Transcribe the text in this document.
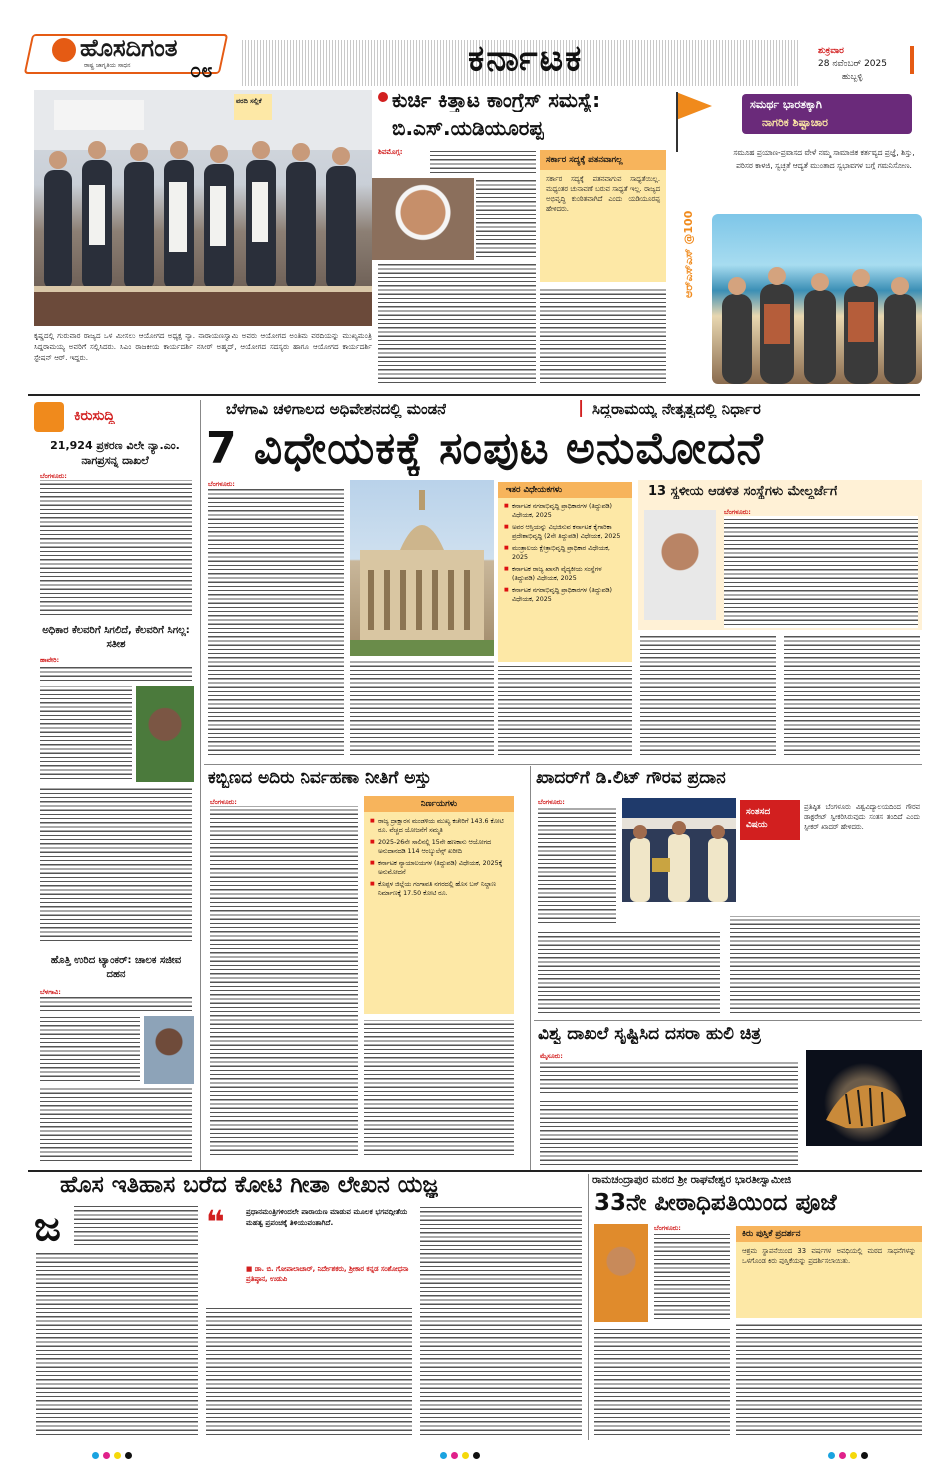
ಹೊಸದಿಗಂತ
ರಾಷ್ಟ್ರ ಜಾಗೃತಿಯ ಸಾಧನ	೦೮	ಕರ್ನಾಟಕ	ಶುಕ್ರವಾರ
28 ನವೆಂಬರ್ 2025
ಹುಬ್ಬಳ್ಳಿ
ವರದಿ ಸಲ್ಲಿಕೆ
ಕೃಷ್ಣದಲ್ಲಿ ಗುರುವಾರ ರಾಜ್ಯದ ಒಳ ಮೀಸಲು ಆಯೋಗದ ಅಧ್ಯಕ್ಷ ನ್ಯಾ. ನಾರಾಯಣಸ್ವಾಮಿ ಅವರು ಆಯೋಗದ ಅಂತಿಮ ವರದಿಯನ್ನು ಮುಖ್ಯಮಂತ್ರಿ ಸಿದ್ದರಾಮಯ್ಯ ಅವರಿಗೆ ಸಲ್ಲಿಸಿದರು. ಸಿಎಂ ರಾಜಕೀಯ ಕಾರ್ಯದರ್ಶಿ ನಸೀರ್ ಅಹ್ಮದ್, ಆಯೋಗದ ಸದಸ್ಯರು ಹಾಗೂ ಆಯೋಗದ ಕಾರ್ಯದರ್ಶಿ ಸ್ಟೇಷನ್ ಆರ್. ಇದ್ದರು.
ಕುರ್ಚಿ ಕಿತ್ತಾಟ ಕಾಂಗ್ರೆಸ್ ಸಮಸ್ಯೆ:
ಬಿ.ಎಸ್.ಯಡಿಯೂರಪ್ಪ
ಶಿವಮೊಗ್ಗ:
ಸರ್ಕಾರ ಸದ್ಯಕ್ಕೆ ಪತನವಾಗಲ್ಲ
ಸರ್ಕಾರ ಸದ್ಯಕ್ಕೆ ಪತನವಾಗುವ ಸಾಧ್ಯತೆಯಿಲ್ಲ. ಮಧ್ಯಂತರ ಚುನಾವಣೆ ಬರುವ ಸಾಧ್ಯತೆ ಇಲ್ಲ. ರಾಜ್ಯದ ಅಭಿವೃದ್ಧಿ ಕುಂಠಿತವಾಗಿದೆ ಎಂದು ಯಡಿಯೂರಪ್ಪ ಹೇಳಿದರು.
ಸಮರ್ಥ ಭಾರತಕ್ಕಾಗಿ
ನಾಗರಿಕ ಶಿಷ್ಟಾಚಾರ
ಸಮೂಹ ಪ್ರಯಾಣ-ಪ್ರವಾಸದ ವೇಳೆ ನಮ್ಮ ಸಾಮಾಜಿಕ ಕರ್ತವ್ಯದ ಪ್ರಜ್ಞೆ, ಶಿಸ್ತು, ಪರಿಸರ ಕಾಳಜಿ, ಸ್ವಚ್ಛತೆ ಆದ್ಯತೆ ಮುಂತಾದ ಸ್ವಭಾವಗಳ ಬಗ್ಗೆ ಗಮನಿಸೋಣ.
ಆರ್‌ಎಸ್‌ಎಸ್ @100
ಕಿರುಸುದ್ದಿ
21,924 ಪ್ರಕರಣ ವಿಲೇ ನ್ಯಾ.ಎಂ. ನಾಗಪ್ರಸನ್ನ ದಾಖಲೆ
ಬೆಂಗಳೂರು:
ಅಧಿಕಾರ ಕೆಲವರಿಗೆ ಸಿಗಲಿದೆ, ಕೆಲವರಿಗೆ ಸಿಗಲ್ಲ: ಸತೀಶ
ಹಾವೇರಿ:
ಹೊತ್ತಿ ಉರಿದ ಟ್ಯಾಂಕರ್: ಚಾಲಕ ಸಜೀವ ದಹನ
ಬೆಳಗಾವಿ:
ಬೆಳಗಾವಿ ಚಳಿಗಾಲದ ಅಧಿವೇಶನದಲ್ಲಿ ಮಂಡನೆ	| ಸಿದ್ದರಾಮಯ್ಯ ನೇತೃತ್ವದಲ್ಲಿ ನಿರ್ಧಾರ
7 ವಿಧೇಯಕಕ್ಕೆ ಸಂಪುಟ ಅನುಮೋದನೆ
ಬೆಂಗಳೂರು:
ಇತರ ವಿಧೇಯಕಗಳು
■ ಕರ್ನಾಟಕ ನಗರಾಭಿವೃದ್ಧಿ ಪ್ರಾಧಿಕಾರಗಳ (ತಿದ್ದುಪಡಿ) ವಿಧೇಯಕ, 2025
■ ಅವರ ಆಸ್ತಿಯನ್ನು ವಿಭಜಿಸುವ ಕರ್ನಾಟಕ ಕೈಗಾರಿಕಾ ಪ್ರದೇಶಾಭಿವೃದ್ಧಿ (2ನೇ ತಿದ್ದುಪಡಿ) ವಿಧೇಯಕ, 2025
■ ಮಂತ್ರಾಲಯ ಕ್ಷೇತ್ರಾಭಿವೃದ್ಧಿ ಪ್ರಾಧಿಕಾರ ವಿಧೇಯಕ, 2025
■ ಕರ್ನಾಟಕ ರಾಜ್ಯ ಖಾಸಗಿ ವೈದ್ಯಕೀಯ ಸಂಸ್ಥೆಗಳ (ತಿದ್ದುಪಡಿ) ವಿಧೇಯಕ, 2025
■ ಕರ್ನಾಟಕ ನಗರಾಭಿವೃದ್ಧಿ ಪ್ರಾಧಿಕಾರಗಳ (ತಿದ್ದುಪಡಿ) ವಿಧೇಯಕ, 2025
13 ಸ್ಥಳೀಯ ಆಡಳಿತ ಸಂಸ್ಥೆಗಳು ಮೇಲ್ದರ್ಜೆಗೆ
ಬೆಂಗಳೂರು:
ಕಬ್ಬಿಣದ ಅದಿರು ನಿರ್ವಹಣಾ ನೀತಿಗೆ ಅಸ್ತು
ಬೆಂಗಳೂರು:	ನಿರ್ಣಯಗಳು
■ ರಾಜ್ಯ ದ್ರಾಕ್ಷಾರಸ ಮಂಡಳಿಯ ಮುಖ್ಯ ಕಚೇರಿಗೆ 143.6 ಕೋಟಿ ರೂ. ವೆಚ್ಚದ ಯೋಜನೆಗೆ ಸಮ್ಮತಿ
■ 2025-26ನೇ ಸಾಲಿನಲ್ಲಿ 15ನೇ ಹಣಕಾಸು ಆಯೋಗದ ಅನುದಾನದಡಿ 114 ಆಂಬ್ಯುಲೆನ್ಸ್ ಖರೀದಿ
■ ಕರ್ನಾಟಕ ನ್ಯಾಯಾಲಯಗಳ (ತಿದ್ದುಪಡಿ) ವಿಧೇಯಕ, 2025ಕ್ಕೆ ಅನುಮೋದನೆ
■ ಕೊಪ್ಪಳ ಜಿಲ್ಲೆಯ ಗಂಗಾವತಿ ನಗರದಲ್ಲಿ ಹೊಸ ಬಸ್ ನಿಲ್ದಾಣ ನಿರ್ಮಾಣಕ್ಕೆ 17.50 ಕೋಟಿ ರೂ.
ಖಾದರ್‌ಗೆ ಡಿ.ಲಿಟ್ ಗೌರವ ಪ್ರದಾನ
ಬೆಂಗಳೂರು:
ಸಂತಸದ ವಿಷಯ
ಪ್ರತಿಷ್ಠಿತ ಬೆಂಗಳೂರು ವಿಶ್ವವಿದ್ಯಾಲಯದಿಂದ ಗೌರವ ಡಾಕ್ಟರೇಟ್ ಸ್ವೀಕರಿಸಿರುವುದು ಸಂತಸ ತಂದಿದೆ ಎಂದು ಸ್ಪೀಕರ್ ಖಾದರ್ ಹೇಳಿದರು.
ವಿಶ್ವ ದಾಖಲೆ ಸೃಷ್ಟಿಸಿದ ದಸರಾ ಹುಲಿ ಚಿತ್ರ
ಮೈಸೂರು:
ಹೊಸ ಇತಿಹಾಸ ಬರೆದ ಕೋಟಿ ಗೀತಾ ಲೇಖನ ಯಜ್ಞ
ಜ	❝	ಪ್ರಧಾನಮಂತ್ರಿಗಳಿಂದಲೇ ಪಾರಾಯಣ ಮಾಡುವ ಮೂಲಕ ಭಗವದ್ಗೀತೆಯ ಮಹತ್ವ ಪ್ರಪಂಚಕ್ಕೆ ತಿಳಿಯುವಂತಾಗಿದೆ.
■ ಡಾ. ಬಿ. ಗೋಪಾಲಾಚಾರ್, ನಿರ್ದೇಶಕರು, ಶ್ರೀಕಾರ ಕನ್ನಡ ಸಂಶೋಧನಾ ಪ್ರತಿಷ್ಠಾನ, ಉಡುಪಿ
ರಾಮಚಂದ್ರಾಪುರ ಮಠದ ಶ್ರೀ ರಾಘವೇಶ್ವರ ಭಾರತೀಸ್ವಾಮೀಜಿ
33ನೇ ಪೀಠಾಧಿಪತಿಯಿಂದ ಪೂಜೆ
ಬೆಂಗಳೂರು:
ಕಿರು ಪುಸ್ತಿಕೆ ಪ್ರದರ್ಶನ
ಆಶ್ರಮ ಸ್ಥಾಪನೆಯಿಂದ 33 ವರ್ಷಗಳ ಅವಧಿಯಲ್ಲಿ ಮಠದ ಸಾಧನೆಗಳನ್ನು ಒಳಗೊಂಡ ಕಿರು ಪುಸ್ತಿಕೆಯನ್ನು ಪ್ರದರ್ಶಿಸಲಾಯಿತು.
